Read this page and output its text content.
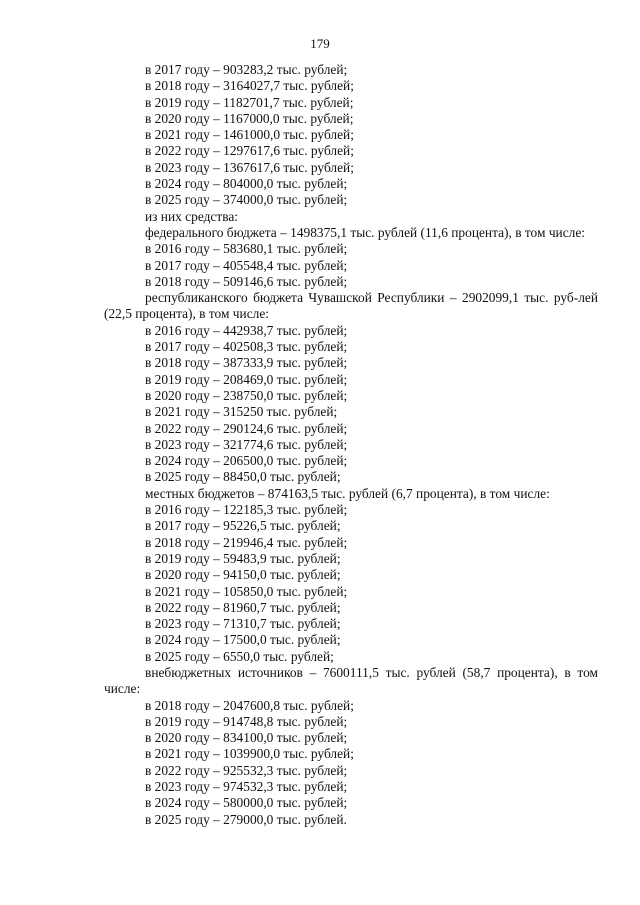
179
в 2017 году – 903283,2 тыс. рублей;
в 2018 году – 3164027,7 тыс. рублей;
в 2019 году – 1182701,7 тыс. рублей;
в 2020 году – 1167000,0 тыс. рублей;
в 2021 году – 1461000,0 тыс. рублей;
в 2022 году – 1297617,6 тыс. рублей;
в 2023 году – 1367617,6 тыс. рублей;
в 2024 году – 804000,0 тыс. рублей;
в 2025 году – 374000,0 тыс. рублей;
из них средства:
федерального бюджета – 1498375,1 тыс. рублей (11,6 процента), в том числе:
в 2016 году – 583680,1 тыс. рублей;
в 2017 году – 405548,4 тыс. рублей;
в 2018 году – 509146,6 тыс. рублей;
республиканского бюджета Чувашской Республики – 2902099,1 тыс. руб-лей (22,5 процента), в том числе:
в 2016 году – 442938,7 тыс. рублей;
в 2017 году – 402508,3 тыс. рублей;
в 2018 году – 387333,9 тыс. рублей;
в 2019 году – 208469,0 тыс. рублей;
в 2020 году – 238750,0 тыс. рублей;
в 2021 году – 315250 тыс. рублей;
в 2022 году – 290124,6 тыс. рублей;
в 2023 году – 321774,6 тыс. рублей;
в 2024 году – 206500,0 тыс. рублей;
в 2025 году – 88450,0 тыс. рублей;
местных бюджетов – 874163,5 тыс. рублей (6,7 процента), в том числе:
в 2016 году – 122185,3 тыс. рублей;
в 2017 году – 95226,5 тыс. рублей;
в 2018 году – 219946,4 тыс. рублей;
в 2019 году – 59483,9 тыс. рублей;
в 2020 году – 94150,0 тыс. рублей;
в 2021 году – 105850,0 тыс. рублей;
в 2022 году – 81960,7 тыс. рублей;
в 2023 году – 71310,7 тыс. рублей;
в 2024 году – 17500,0 тыс. рублей;
в 2025 году – 6550,0 тыс. рублей;
внебюджетных источников – 7600111,5 тыс. рублей (58,7 процента), в том числе:
в 2018 году – 2047600,8 тыс. рублей;
в 2019 году – 914748,8 тыс. рублей;
в 2020 году – 834100,0 тыс. рублей;
в 2021 году – 1039900,0 тыс. рублей;
в 2022 году – 925532,3 тыс. рублей;
в 2023 году – 974532,3 тыс. рублей;
в 2024 году – 580000,0 тыс. рублей;
в 2025 году – 279000,0 тыс. рублей.
